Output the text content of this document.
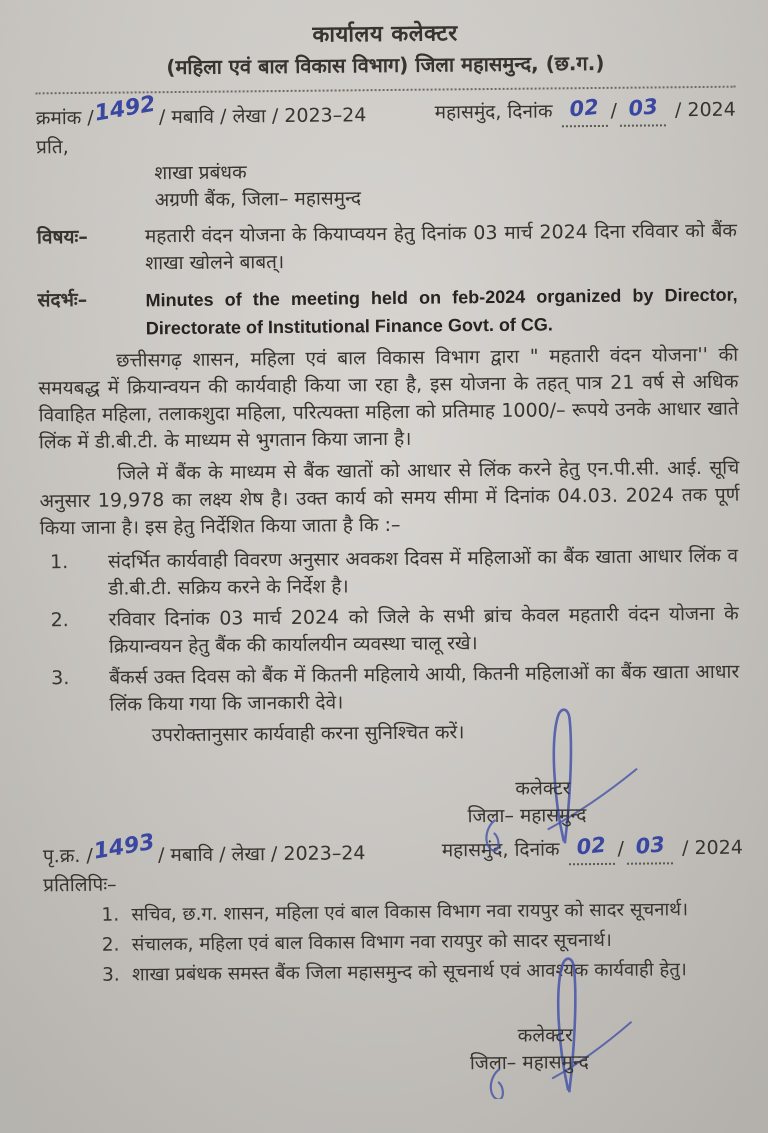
कार्यालय कलेक्टर
(महिला एवं बाल विकास विभाग) जिला महासमुन्द, (छ.ग.)
क्रमांक /1492/ मबावि / लेखा / 2023–24	महासमुंद, दिनांक 02 / 03 / 2024
प्रति,
शाखा प्रबंधक
अग्रणी बैंक, जिला– महासमुन्द
विषयः–	महतारी वंदन योजना के कियाप्वयन हेतु दिनांक 03 मार्च 2024 दिना रविवार को बैंक शाखा खोलने बाबत्।
संदर्भः–	Minutes of the meeting held on feb-2024 organized by Director, Directorate of Institutional Finance Govt. of CG.
छत्तीसगढ़ शासन, महिला एवं बाल विकास विभाग द्वारा " महतारी वंदन योजना'' की समयबद्ध में क्रियान्वयन की कार्यवाही किया जा रहा है, इस योजना के तहत् पात्र 21 वर्ष से अधिक विवाहित महिला, तलाकशुदा महिला, परित्यक्ता महिला को प्रतिमाह 1000/– रूपये उनके आधार खाते लिंक में डी.बी.टी. के माध्यम से भुगतान किया जाना है।
जिले में बैंक के माध्यम से बैंक खातों को आधार से लिंक करने हेतु एन.पी.सी. आई. सूचि अनुसार 19,978 का लक्ष्य शेष है। उक्त कार्य को समय सीमा में दिनांक 04.03. 2024 तक पूर्ण किया जाना है। इस हेतु निर्देशित किया जाता है कि :–
1.	संदर्भित कार्यवाही विवरण अनुसार अवकश दिवस में महिलाओं का बैंक खाता आधार लिंक व डी.बी.टी. सक्रिय करने के निर्देश है।
2.	रविवार दिनांक 03 मार्च 2024 को जिले के सभी ब्रांच केवल महतारी वंदन योजना के क्रियान्वयन हेतु बैंक की कार्यालयीन व्यवस्था चालू रखे।
3.	बैंकर्स उक्त दिवस को बैंक में कितनी महिलाये आयी, कितनी महिलाओं का बैंक खाता आधार लिंक किया गया कि जानकारी देवे।
उपरोक्तानुसार कार्यवाही करना सुनिश्चित करें।
कलेक्टर
जिला– महासमुन्द
पृ.क्र. /1493/ मबावि / लेखा / 2023–24	महासमुंद, दिनांक 02 / 03 / 2024
प्रतिलिपिः–
1. सचिव, छ.ग. शासन, महिला एवं बाल विकास विभाग नवा रायपुर को सादर सूचनार्थ।
2. संचालक, महिला एवं बाल विकास विभाग नवा रायपुर को सादर सूचनार्थ।
3. शाखा प्रबंधक समस्त बैंक जिला महासमुन्द को सूचनार्थ एवं आवश्यक कार्यवाही हेतु।
कलेक्टर
जिला– महासमुन्द
